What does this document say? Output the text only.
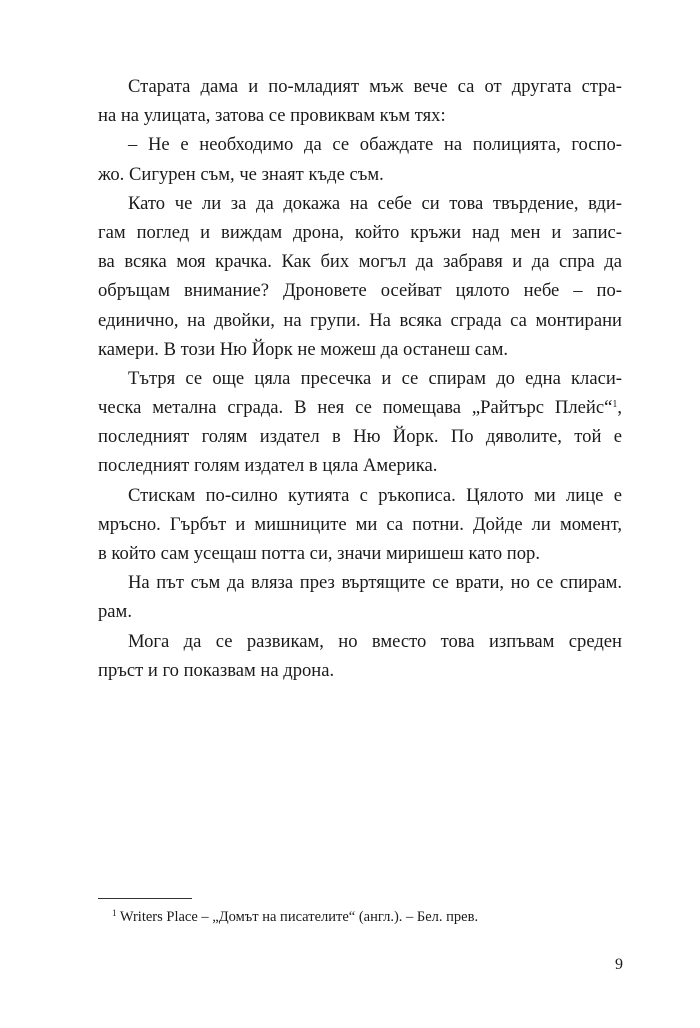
Старата дама и по-младият мъж вече са от другата стра-
на на улицата, затова се провиквам към тях:
– Не е необходимо да се обаждате на полицията, госпо-
жо. Сигурен съм, че знаят къде съм.
Като че ли за да докажа на себе си това твърдение, вди-
гам поглед и виждам дрона, който кръжи над мен и запис-
ва всяка моя крачка. Как бих могъл да забравя и да спра да
обръщам внимание? Дроновете осейват цялото небе – по-
единично, на двойки, на групи. На всяка сграда са монтирани
камери. В този Ню Йорк не можеш да останеш сам.
Тътря се още цяла пресечка и се спирам до една класи-
ческа метална сграда. В нея се помещава „Райтърс Плейс“$^1$,
последният голям издател в Ню Йорк. По дяволите, той е
последният голям издател в цяла Америка.
Стискам по-силно кутията с ръкописа. Цялото ми лице е
мръсно. Гърбът и мишниците ми са потни. Дойде ли момент,
в който сам усещаш потта си, значи миришеш като пор.
На път съм да вляза през въртящите се врати, но се спирам.
рам.
Мога да се развикам, но вместо това изпъвам среден
пръст и го показвам на дрона.
$^1$ Writers Place – „Домът на писателите“ (англ.). – Бел. прев.
9
